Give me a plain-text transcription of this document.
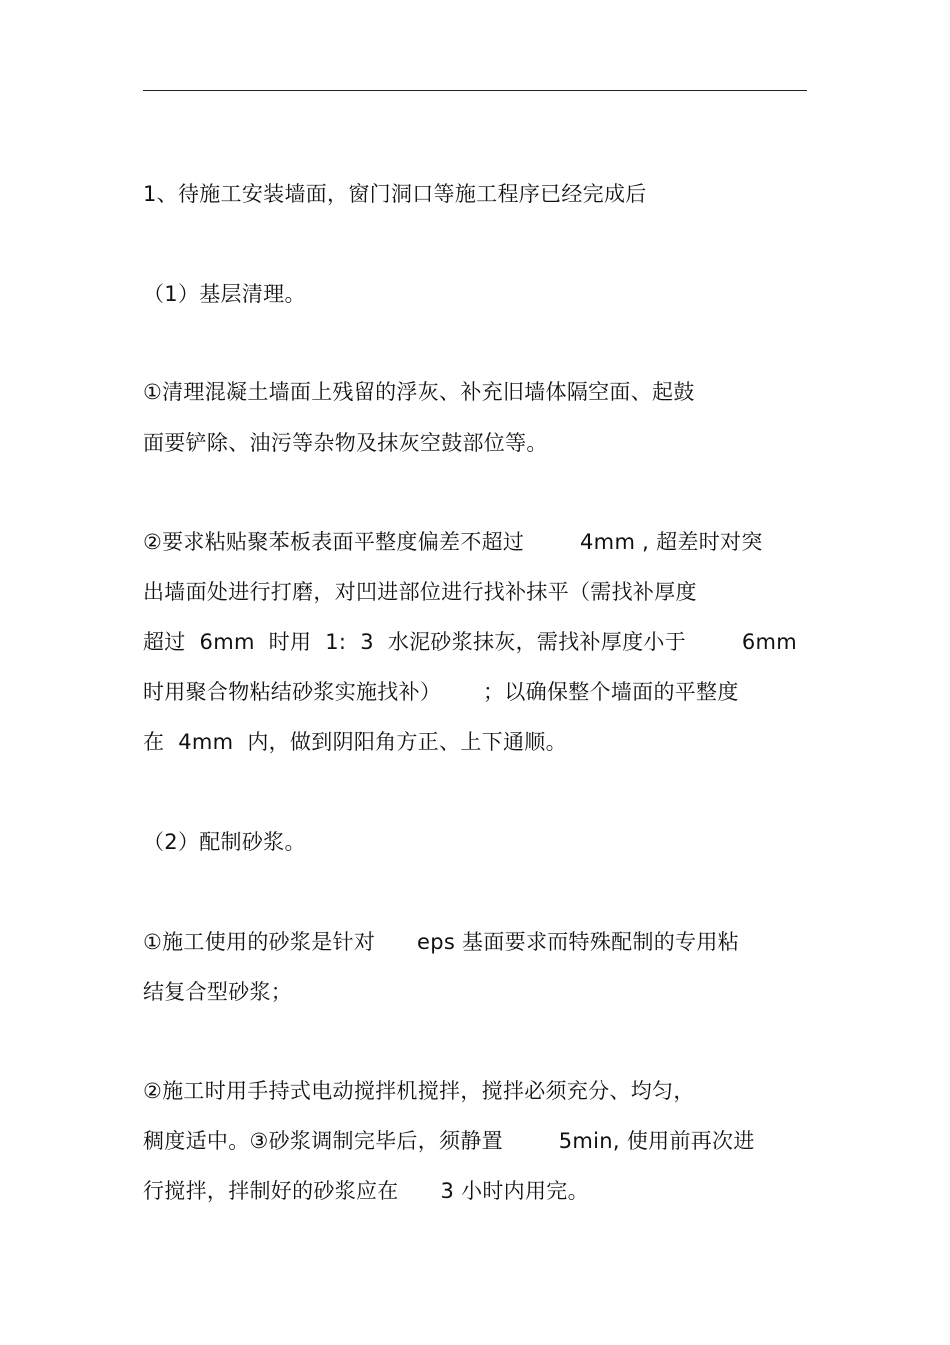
1、待施工安装墙面，窗门洞口等施工程序已经完成后
（1）基层清理。
①清理混凝土墙面上残留的浮灰、补充旧墙体隔空面、起鼓
面要铲除、油污等杂物及抹灰空鼓部位等。
②要求粘贴聚苯板表面平整度偏差不超过        4mm , 超差时对突
出墙面处进行打磨，对凹进部位进行找补抹平（需找补厚度
超过  6mm  时用  1:  3  水泥砂浆抹灰，需找补厚度小于        6mm
时用聚合物粘结砂浆实施找补）      ；以确保整个墙面的平整度
在  4mm  内，做到阴阳角方正、上下通顺。
（2）配制砂浆。
①施工使用的砂浆是针对      eps 基面要求而特殊配制的专用粘
结复合型砂浆；
②施工时用手持式电动搅拌机搅拌，搅拌必须充分、均匀，
稠度适中。③砂浆调制完毕后，须静置        5min, 使用前再次进
行搅拌，拌制好的砂浆应在      3 小时内用完。
